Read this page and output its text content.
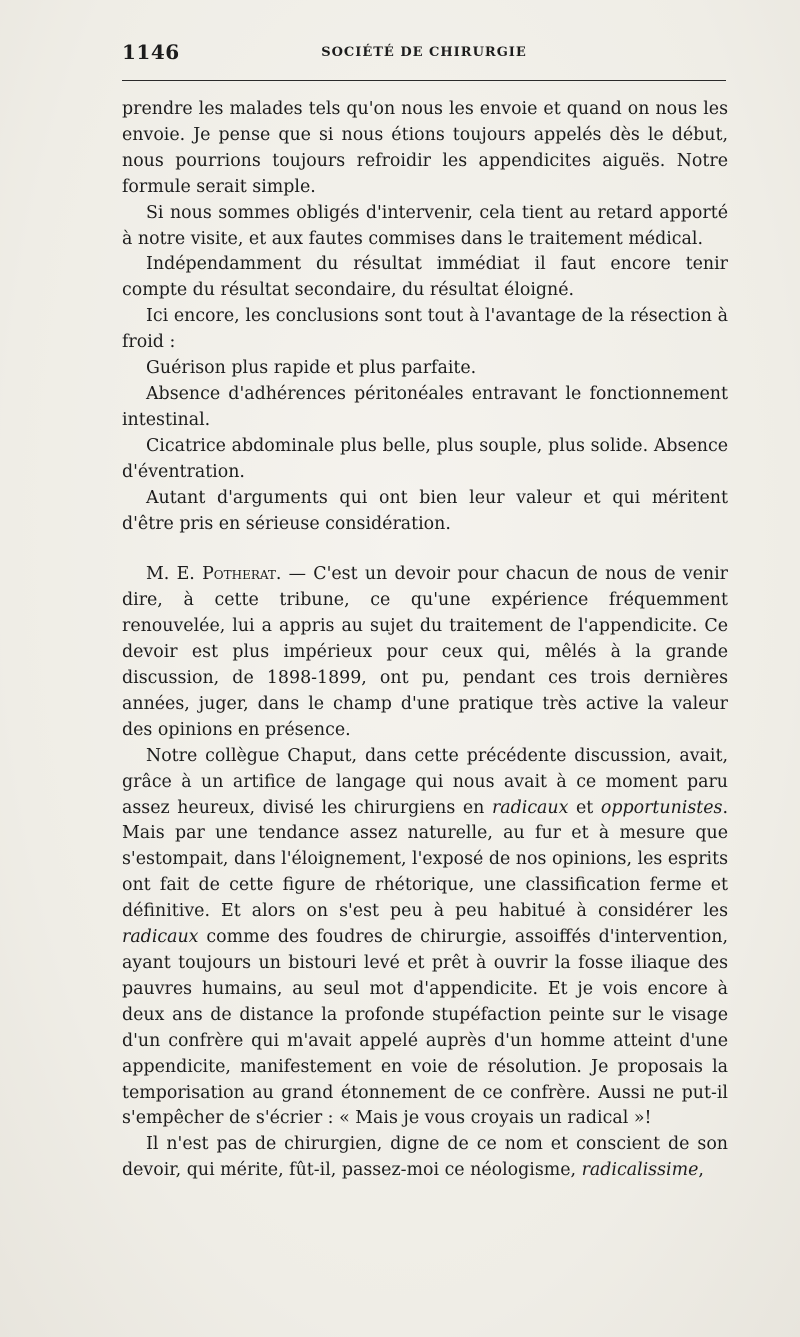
1146	SOCIÉTÉ DE CHIRURGIE

prendre les malades tels qu'on nous les envoie et quand on nous les envoie. Je pense que si nous étions toujours appelés dès le début, nous pourrions toujours refroidir les appendicites aiguës. Notre formule serait simple.

Si nous sommes obligés d'intervenir, cela tient au retard apporté à notre visite, et aux fautes commises dans le traitement médical.

Indépendamment du résultat immédiat il faut encore tenir compte du résultat secondaire, du résultat éloigné.

Ici encore, les conclusions sont tout à l'avantage de la résection à froid :

Guérison plus rapide et plus parfaite.

Absence d'adhérences péritonéales entravant le fonctionnement intestinal.

Cicatrice abdominale plus belle, plus souple, plus solide. Absence d'éventration.

Autant d'arguments qui ont bien leur valeur et qui méritent d'être pris en sérieuse considération.

M. E. Potherat. — C'est un devoir pour chacun de nous de venir dire, à cette tribune, ce qu'une expérience fréquemment renouvelée, lui a appris au sujet du traitement de l'appendicite. Ce devoir est plus impérieux pour ceux qui, mêlés à la grande discussion, de 1898-1899, ont pu, pendant ces trois dernières années, juger, dans le champ d'une pratique très active la valeur des opinions en présence.

Notre collègue Chaput, dans cette précédente discussion, avait, grâce à un artifice de langage qui nous avait à ce moment paru assez heureux, divisé les chirurgiens en radicaux et opportunistes. Mais par une tendance assez naturelle, au fur et à mesure que s'estompait, dans l'éloignement, l'exposé de nos opinions, les esprits ont fait de cette figure de rhétorique, une classification ferme et définitive. Et alors on s'est peu à peu habitué à considérer les radicaux comme des foudres de chirurgie, assoiffés d'intervention, ayant toujours un bistouri levé et prêt à ouvrir la fosse iliaque des pauvres humains, au seul mot d'appendicite. Et je vois encore à deux ans de distance la profonde stupéfaction peinte sur le visage d'un confrère qui m'avait appelé auprès d'un homme atteint d'une appendicite, manifestement en voie de résolution. Je proposais la temporisation au grand étonnement de ce confrère. Aussi ne put-il s'empêcher de s'écrier : « Mais je vous croyais un radical »!

Il n'est pas de chirurgien, digne de ce nom et conscient de son devoir, qui mérite, fût-il, passez-moi ce néologisme, radicalissime,
